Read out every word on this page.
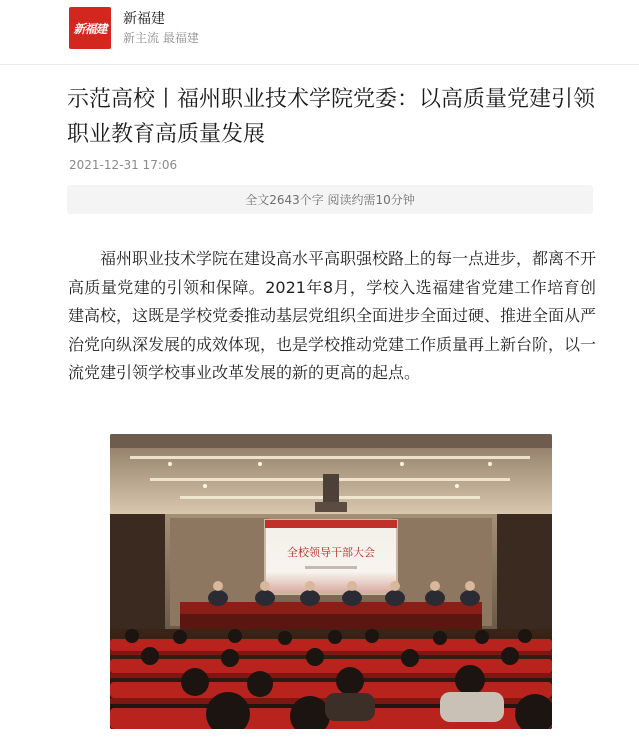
新福建
新福建
新主流 最福建
示范高校丨福州职业技术学院党委：以高质量党建引领职业教育高质量发展
2021-12-31 17:06
全文2643个字 阅读约需10分钟

福州职业技术学院在建设高水平高职强校路上的每一点进步，都离不开高质量党建的引领和保障。2021年8月，学校入选福建省党建工作培育创建高校，这既是学校党委推动基层党组织全面进步全面过硬、推进全面从严治党向纵深发展的成效体现，也是学校推动党建工作质量再上新台阶，以一流党建引领学校事业改革发展的新的更高的起点。

全校领导干部大会
